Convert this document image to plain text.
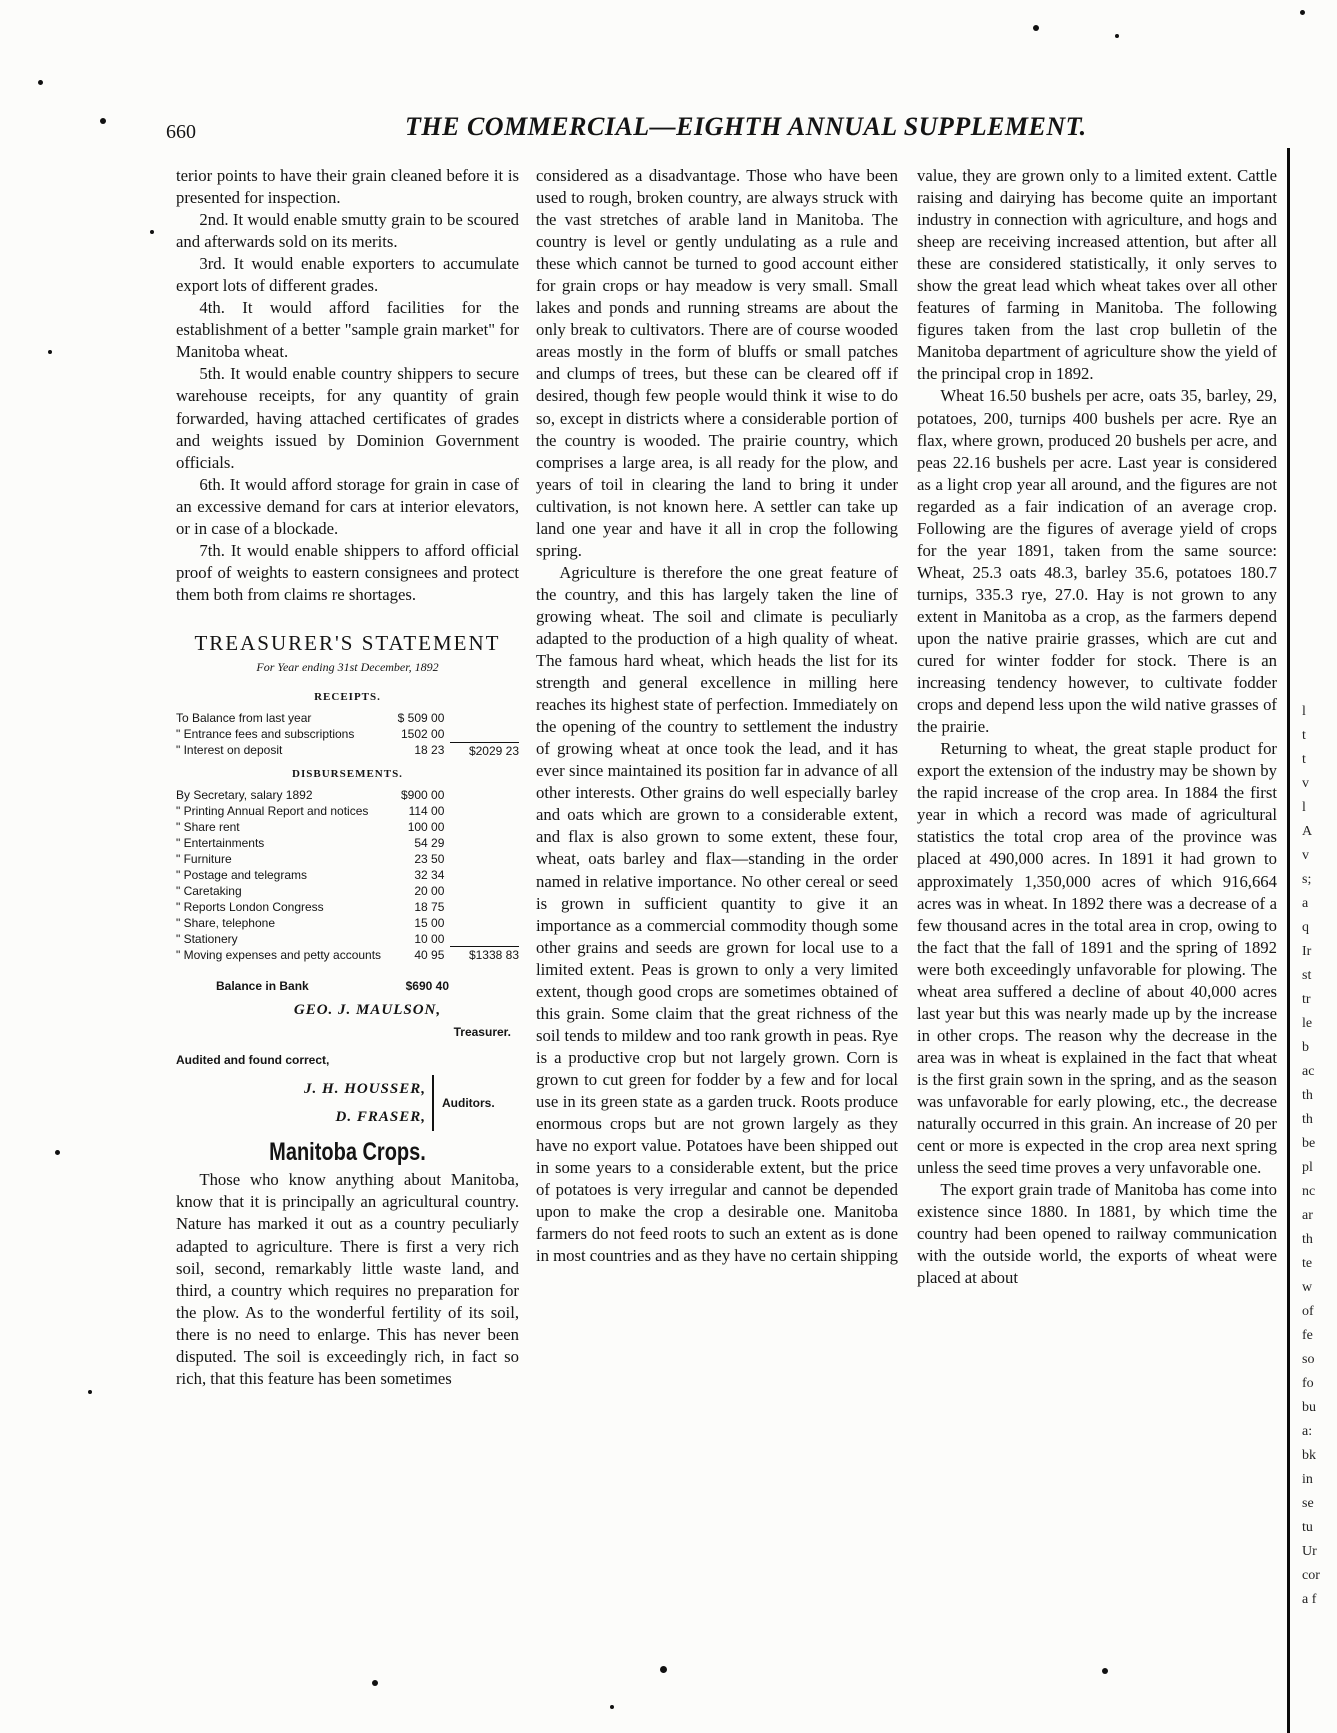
660	THE COMMERCIAL—EIGHTH ANNUAL SUPPLEMENT.

terior points to have their grain cleaned before it is presented for inspection.

2nd. It would enable smutty grain to be scoured and afterwards sold on its merits.

3rd. It would enable exporters to accumulate export lots of different grades.

4th. It would afford facilities for the establishment of a better "sample grain market" for Manitoba wheat.

5th. It would enable country shippers to secure warehouse receipts, for any quantity of grain forwarded, having attached certificates of grades and weights issued by Dominion Government officials.

6th. It would afford storage for grain in case of an excessive demand for cars at interior elevators, or in case of a blockade.

7th. It would enable shippers to afford official proof of weights to eastern consignees and protect them both from claims re shortages.

TREASURER'S STATEMENT
For Year ending 31st December, 1892
RECEIPTS.
To Balance from last year	$ 509 00	
" Entrance fees and subscriptions	1502 00	
" Interest on deposit	18 23	$2029 23
DISBURSEMENTS.
By Secretary, salary 1892	$900 00	
" Printing Annual Report and notices	114 00	
" Share rent	100 00	
" Entertainments	54 29	
" Furniture	23 50	
" Postage and telegrams	32 34	
" Caretaking	20 00	
" Reports London Congress	18 75	
" Share, telephone	15 00	
" Stationery	10 00	
" Moving expenses and petty accounts	40 95	$1338 83
Balance in Bank	$690 40
GEO. J. MAULSON,
Treasurer.
Audited and found correct,
J. H. HOUSSER,
D. FRASER,
Auditors.
Manitoba Crops.

Those who know anything about Manitoba, know that it is principally an agricultural country. Nature has marked it out as a country peculiarly adapted to agriculture. There is first a very rich soil, second, remarkably little waste land, and third, a country which requires no preparation for the plow. As to the wonderful fertility of its soil, there is no need to enlarge. This has never been disputed. The soil is exceedingly rich, in fact so rich, that this feature has been sometimes

considered as a disadvantage. Those who have been used to rough, broken country, are always struck with the vast stretches of arable land in Manitoba. The country is level or gently undulating as a rule and these which cannot be turned to good account either for grain crops or hay meadow is very small. Small lakes and ponds and running streams are about the only break to cultivators. There are of course wooded areas mostly in the form of bluffs or small patches and clumps of trees, but these can be cleared off if desired, though few people would think it wise to do so, except in districts where a considerable portion of the country is wooded. The prairie country, which comprises a large area, is all ready for the plow, and years of toil in clearing the land to bring it under cultivation, is not known here. A settler can take up land one year and have it all in crop the following spring.

Agriculture is therefore the one great feature of the country, and this has largely taken the line of growing wheat. The soil and climate is peculiarly adapted to the production of a high quality of wheat. The famous hard wheat, which heads the list for its strength and general excellence in milling here reaches its highest state of perfection. Immediately on the opening of the country to settlement the industry of growing wheat at once took the lead, and it has ever since maintained its position far in advance of all other interests. Other grains do well especially barley and oats which are grown to a considerable extent, and flax is also grown to some extent, these four, wheat, oats barley and flax—standing in the order named in relative importance. No other cereal or seed is grown in sufficient quantity to give it an importance as a commercial commodity though some other grains and seeds are grown for local use to a limited extent. Peas is grown to only a very limited extent, though good crops are sometimes obtained of this grain. Some claim that the great richness of the soil tends to mildew and too rank growth in peas. Rye is a productive crop but not largely grown. Corn is grown to cut green for fodder by a few and for local use in its green state as a garden truck. Roots produce enormous crops but are not grown largely as they have no export value. Potatoes have been shipped out in some years to a considerable extent, but the price of potatoes is very irregular and cannot be depended upon to make the crop a desirable one. Manitoba farmers do not feed roots to such an extent as is done in most countries and as they have no certain shipping

value, they are grown only to a limited extent. Cattle raising and dairying has become quite an important industry in connection with agriculture, and hogs and sheep are receiving increased attention, but after all these are considered statistically, it only serves to show the great lead which wheat takes over all other features of farming in Manitoba. The following figures taken from the last crop bulletin of the Manitoba department of agriculture show the yield of the principal crop in 1892.

Wheat 16.50 bushels per acre, oats 35, barley, 29, potatoes, 200, turnips 400 bushels per acre. Rye an flax, where grown, produced 20 bushels per acre, and peas 22.16 bushels per acre. Last year is considered as a light crop year all around, and the figures are not regarded as a fair indication of an average crop. Following are the figures of average yield of crops for the year 1891, taken from the same source: Wheat, 25.3 oats 48.3, barley 35.6, potatoes 180.7 turnips, 335.3 rye, 27.0. Hay is not grown to any extent in Manitoba as a crop, as the farmers depend upon the native prairie grasses, which are cut and cured for winter fodder for stock. There is an increasing tendency however, to cultivate fodder crops and depend less upon the wild native grasses of the prairie.

Returning to wheat, the great staple product for export the extension of the industry may be shown by the rapid increase of the crop area. In 1884 the first year in which a record was made of agricultural statistics the total crop area of the province was placed at 490,000 acres. In 1891 it had grown to approximately 1,350,000 acres of which 916,664 acres was in wheat. In 1892 there was a decrease of a few thousand acres in the total area in crop, owing to the fact that the fall of 1891 and the spring of 1892 were both exceedingly unfavorable for plowing. The wheat area suffered a decline of about 40,000 acres last year but this was nearly made up by the increase in other crops. The reason why the decrease in the area was in wheat is explained in the fact that wheat is the first grain sown in the spring, and as the season was unfavorable for early plowing, etc., the decrease naturally occurred in this grain. An increase of 20 per cent or more is expected in the crop area next spring unless the seed time proves a very unfavorable one.

The export grain trade of Manitoba has come into existence since 1880. In 1881, by which time the country had been opened to railway communication with the outside world, the exports of wheat were placed at about

l
t
t
v
l
A
v
s;
a
q
Ir
st
tr
le
b
ac
th
th
be
pl
nc
ar
th
te
w
of
fe
so
fo
bu
a:
bk
in
se
tu
Ur
cor
a f
